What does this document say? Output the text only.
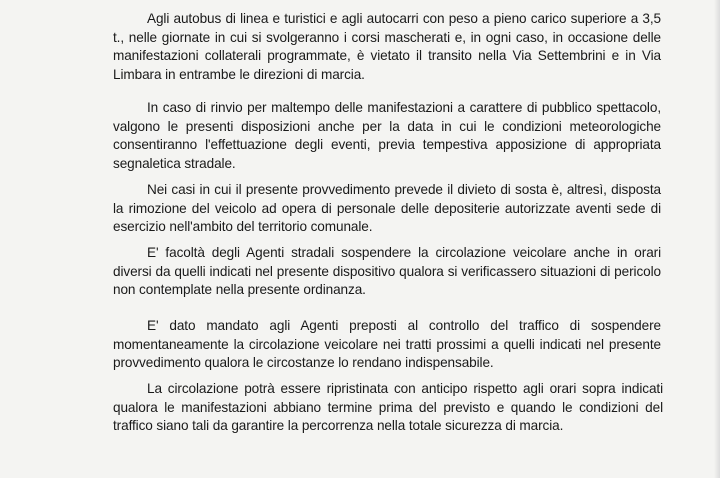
Agli autobus di linea e turistici e agli autocarri con peso a pieno carico superiore a 3,5 t., nelle giornate in cui si svolgeranno i corsi mascherati e, in ogni caso, in occasione delle manifestazioni collaterali programmate, è vietato il transito nella Via Settembrini e in Via Limbara in entrambe le direzioni di marcia.

In caso di rinvio per maltempo delle manifestazioni a carattere di pubblico spettacolo, valgono le presenti disposizioni anche per la data in cui le condizioni meteorologiche consentiranno l'effettuazione degli eventi, previa tempestiva apposizione di appropriata segnaletica stradale.

Nei casi in cui il presente provvedimento prevede il divieto di sosta è, altresì, disposta la rimozione del veicolo ad opera di personale delle depositerie autorizzate aventi sede di esercizio nell'ambito del territorio comunale.

E' facoltà degli Agenti stradali sospendere la circolazione veicolare anche in orari diversi da quelli indicati nel presente dispositivo qualora si verificassero situazioni di pericolo non contemplate nella presente ordinanza.

E' dato mandato agli Agenti preposti al controllo del traffico di sospendere momentaneamente la circolazione veicolare nei tratti prossimi a quelli indicati nel presente provvedimento qualora le circostanze lo rendano indispensabile.

La circolazione potrà essere ripristinata con anticipo rispetto agli orari sopra indicati qualora le manifestazioni abbiano termine prima del previsto e quando le condizioni del traffico siano tali da garantire la percorrenza nella totale sicurezza di marcia.
